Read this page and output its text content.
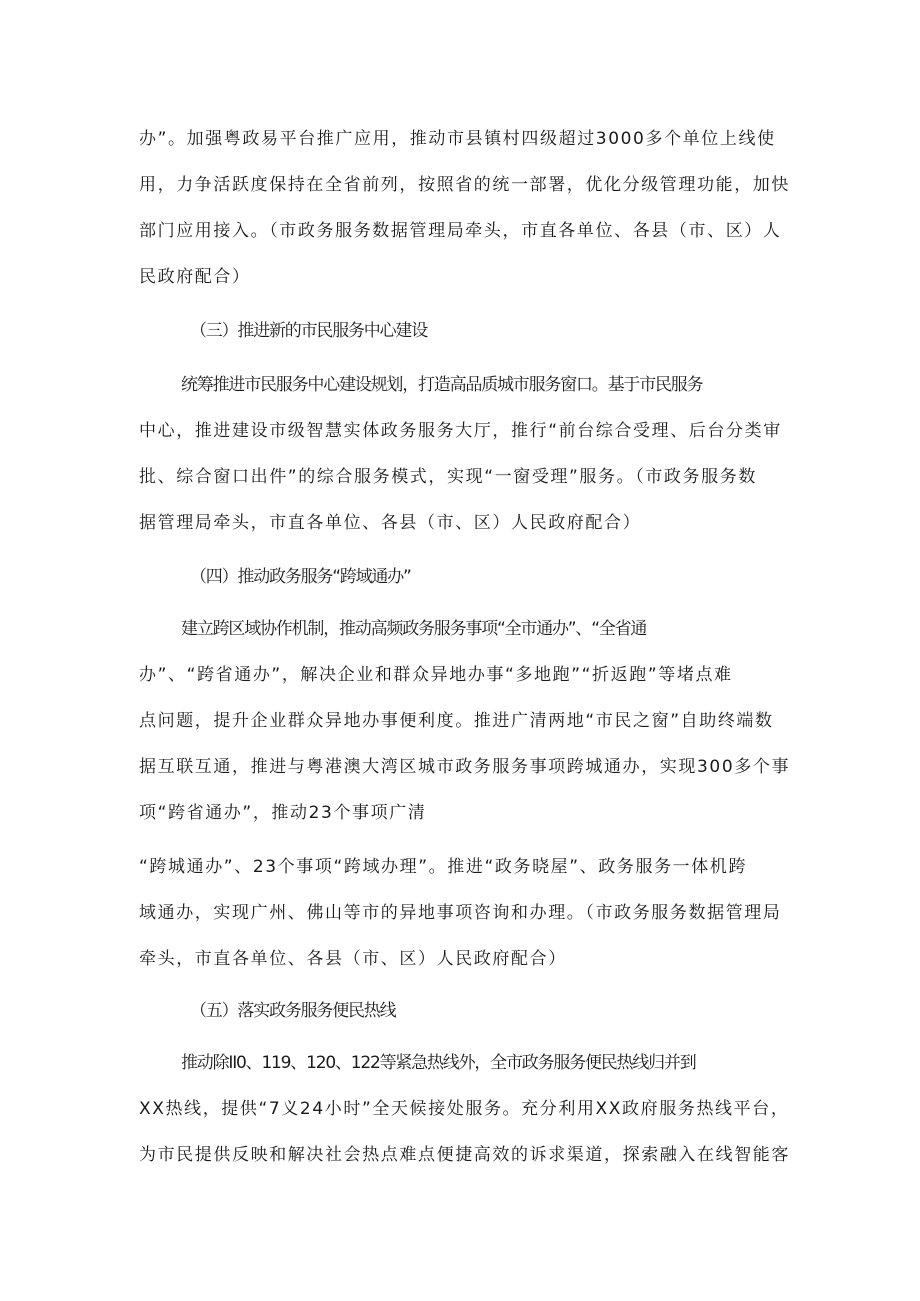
办”。加强粤政易平台推广应用，推动市县镇村四级超过3000多个单位上线使
用，力争活跃度保持在全省前列，按照省的统一部署，优化分级管理功能，加快
部门应用接入。（市政务服务数据管理局牵头，市直各单位、各县（市、区）人
民政府配合）
（三）推进新的市民服务中心建设
统筹推进市民服务中心建设规划，打造高品质城市服务窗口。基于市民服务
中心，推进建设市级智慧实体政务服务大厅，推行“前台综合受理、后台分类审
批、综合窗口出件”的综合服务模式，实现“一窗受理”服务。（市政务服务数
据管理局牵头，市直各单位、各县（市、区）人民政府配合）
（四）推动政务服务“跨域通办”
建立跨区域协作机制，推动高频政务服务事项“全市通办”、“全省通
办”、“跨省通办”，解决企业和群众异地办事“多地跑”“折返跑”等堵点难
点问题，提升企业群众异地办事便利度。推进广清两地“市民之窗”自助终端数
据互联互通，推进与粤港澳大湾区城市政务服务事项跨城通办，实现300多个事
项“跨省通办”，推动23个事项广清
“跨城通办”、23个事项“跨域办理”。推进“政务晓屋”、政务服务一体机跨
域通办，实现广州、佛山等市的异地事项咨询和办理。（市政务服务数据管理局
牵头，市直各单位、各县（市、区）人民政府配合）
（五）落实政务服务便民热线
推动除II0、119、120、122等紧急热线外，全市政务服务便民热线归并到
XX热线，提供“7义24小时”全天候接处服务。充分利用XX政府服务热线平台，
为市民提供反映和解决社会热点难点便捷高效的诉求渠道，探索融入在线智能客
